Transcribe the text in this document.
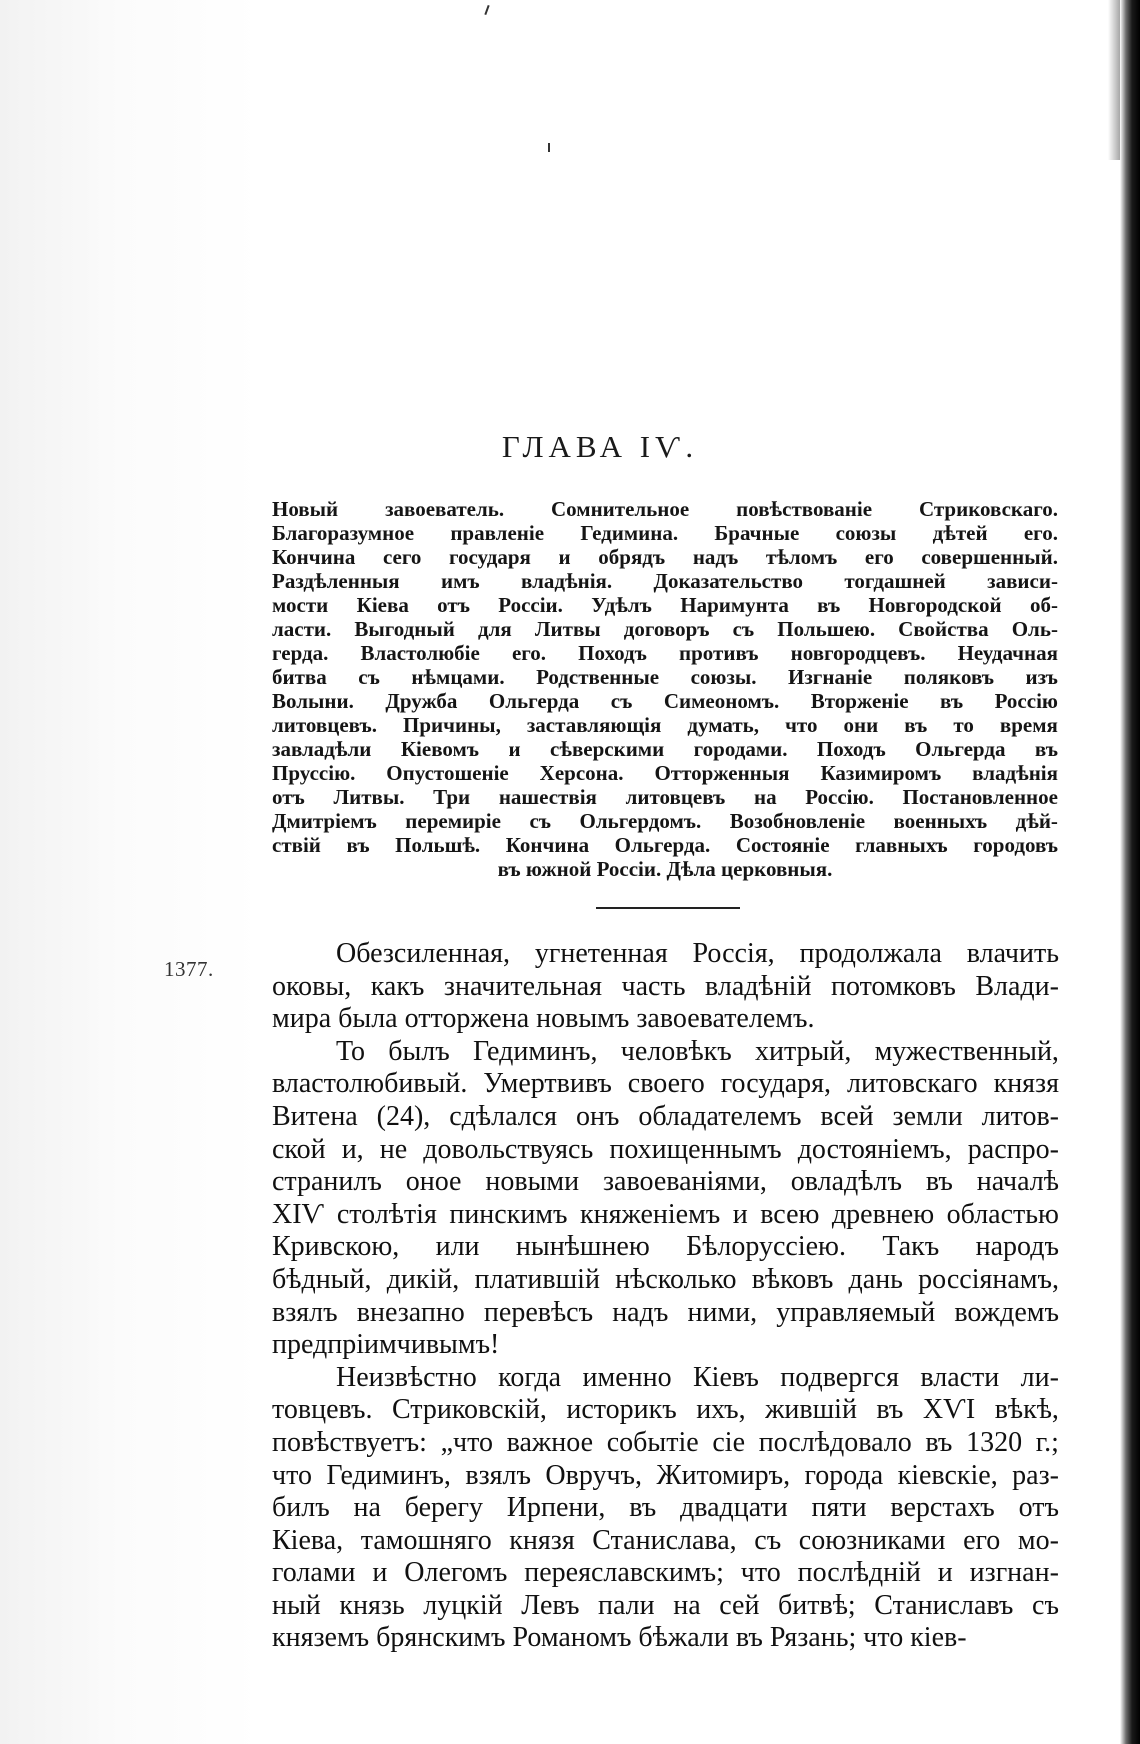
ГЛАВА IѴ.
Новый завоеватель. Сомнительное повѣствованіе Стриковскаго.
Благоразумное правленіе Гедимина. Брачные союзы дѣтей его.
Кончина сего государя и обрядъ надъ тѣломъ его совершенный.
Раздѣленныя имъ владѣнія. Доказательство тогдашней зависи-
мости Кіева отъ Россіи. Удѣлъ Наримунта въ Новгородской об-
ласти. Выгодный для Литвы договоръ съ Польшею. Свойства Оль-
герда. Властолюбіе его. Походъ противъ новгородцевъ. Неудачная
битва съ нѣмцами. Родственные союзы. Изгнаніе поляковъ изъ
Волыни. Дружба Ольгерда съ Симеономъ. Вторженіе въ Россію
литовцевъ. Причины, заставляющія думать, что они въ то время
завладѣли Кіевомъ и сѣверскими городами. Походъ Ольгерда въ
Пруссію. Опустошеніе Херсона. Отторженныя Казимиромъ владѣнія
отъ Литвы. Три нашествія литовцевъ на Россію. Постановленное
Дмитріемъ перемиріе съ Ольгердомъ. Возобновленіе военныхъ дѣй-
ствій въ Польшѣ. Кончина Ольгерда. Состояніе главныхъ городовъ
въ южной Россіи. Дѣла церковныя.
1377.	Обезсиленная, угнетенная Россія, продолжала влачить
оковы, какъ значительная часть владѣній потомковъ Влади-
мира была отторжена новымъ завоевателемъ.
То былъ Гедиминъ, человѣкъ хитрый, мужественный,
властолюбивый. Умертвивъ своего государя, литовскаго князя
Витена (24), сдѣлался онъ обладателемъ всей земли литов-
ской и, не довольствуясь похищеннымъ достояніемъ, распро-
странилъ оное новыми завоеваніями, овладѣлъ въ началѣ
XIѴ столѣтія пинскимъ княженіемъ и всею древнею областью
Кривскою, или нынѣшнею Бѣлоруссіею. Такъ народъ
бѣдный, дикій, платившій нѣсколько вѣковъ дань россіянамъ,
взялъ внезапно перевѣсъ надъ ними, управляемый вождемъ
предпріимчивымъ!
Неизвѣстно когда именно Кіевъ подвергся власти ли-
товцевъ. Стриковскій, историкъ ихъ, жившій въ XѴI вѣкѣ,
повѣствуетъ: „что важное событіе сіе послѣдовало въ 1320 г.;
что Гедиминъ, взялъ Овручъ, Житомиръ, города кіевскіе, раз-
билъ на берегу Ирпени, въ двадцати пяти верстахъ отъ
Кіева, тамошняго князя Станислава, съ союзниками его мо-
голами и Олегомъ переяславскимъ; что послѣдній и изгнан-
ный князь луцкій Левъ пали на сей битвѣ; Станиславъ съ
княземъ брянскимъ Романомъ бѣжали въ Рязань; что кіев-
